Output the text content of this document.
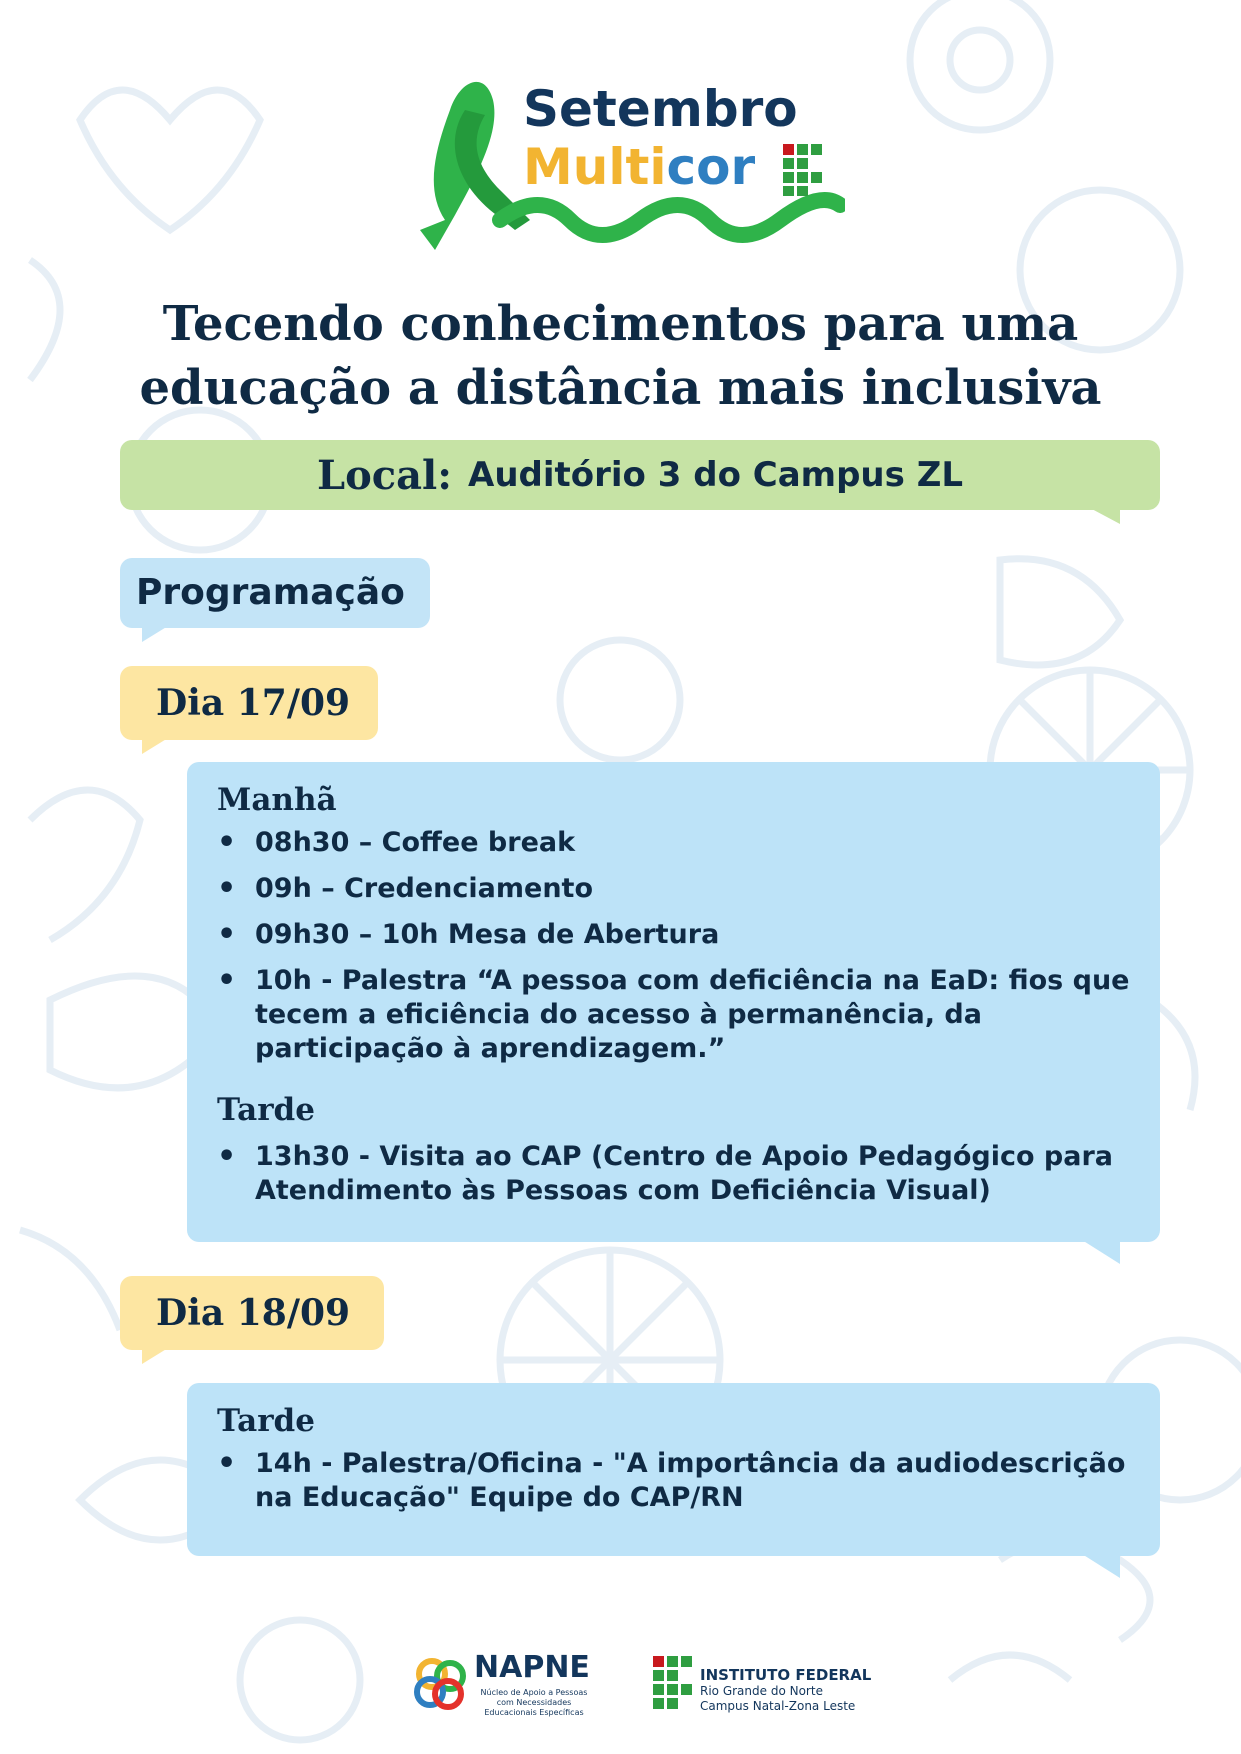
Setembro
Multicor
Tecendo conhecimentos para uma
educação a distância mais inclusiva
Local: Auditório 3 do Campus ZL
Programação
Dia 17/09
Manhã
• 08h30 – Coffee break
• 09h – Credenciamento
• 09h30 – 10h Mesa de Abertura
• 10h - Palestra “A pessoa com deficiência na EaD: fios que tecem a eficiência do acesso à permanência, da participação à aprendizagem.”
Tarde
• 13h30 - Visita ao CAP (Centro de Apoio Pedagógico para Atendimento às Pessoas com Deficiência Visual)
Dia 18/09
Tarde
• 14h - Palestra/Oficina - "A importância da audiodescrição na Educação" Equipe do CAP/RN
NAPNE
Núcleo de Apoio a Pessoas com Necessidades Educacionais Específicas
INSTITUTO FEDERAL
Rio Grande do Norte
Campus Natal-Zona Leste
